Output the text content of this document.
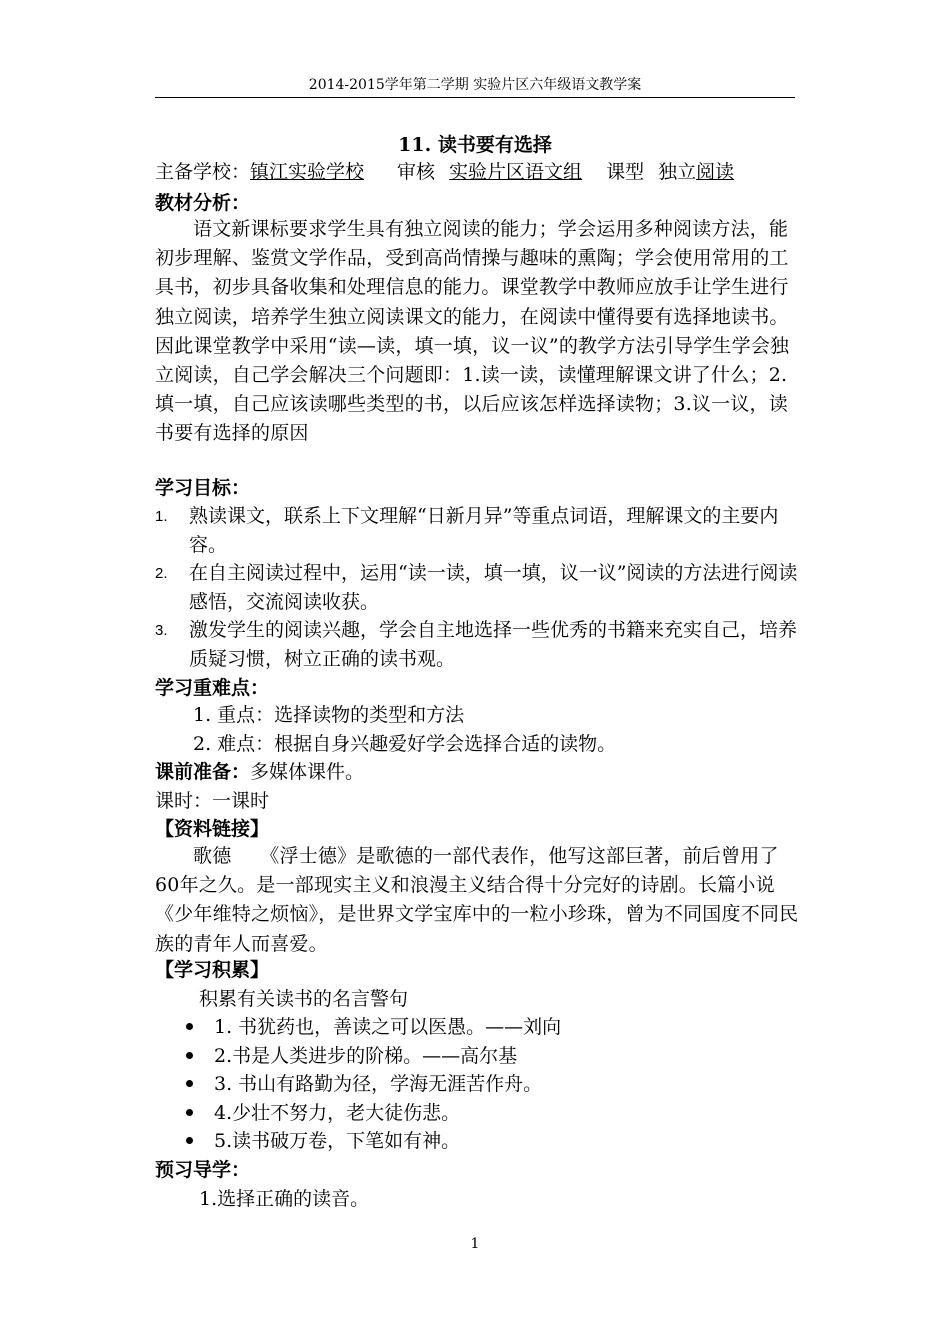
2014-2015学年第二学期 实验片区六年级语文教学案
11. 读书要有选择
主备学校：镇江实验学校 审核 实验片区语文组 课型 独立阅读
教材分析：
语文新课标要求学生具有独立阅读的能力；学会运用多种阅读方法，能初步理解、鉴赏文学作品，受到高尚情操与趣味的熏陶；学会使用常用的工具书，初步具备收集和处理信息的能力。课堂教学中教师应放手让学生进行独立阅读，培养学生独立阅读课文的能力，在阅读中懂得要有选择地读书。因此课堂教学中采用“读—读，填一填，议一议”的教学方法引导学生学会独立阅读，自己学会解决三个问题即：1.读一读，读懂理解课文讲了什么；2.填一填，自己应该读哪些类型的书，以后应该怎样选择读物；3.议一议，读书要有选择的原因
学习目标：
1.	熟读课文，联系上下文理解“日新月异”等重点词语，理解课文的主要内容。
2.	在自主阅读过程中，运用“读一读，填一填，议一议”阅读的方法进行阅读感悟，交流阅读收获。
3.	激发学生的阅读兴趣，学会自主地选择一些优秀的书籍来充实自己，培养质疑习惯，树立正确的读书观。
学习重难点：
1. 重点：选择读物的类型和方法
2. 难点：根据自身兴趣爱好学会选择合适的读物。
课前准备：多媒体课件。
课时：一课时
【资料链接】
歌德　　《浮士德》是歌德的一部代表作，他写这部巨著，前后曾用了60年之久。是一部现实主义和浪漫主义结合得十分完好的诗剧。长篇小说《少年维特之烦恼》，是世界文学宝库中的一粒小珍珠，曾为不同国度不同民族的青年人而喜爱。
【学习积累】
积累有关读书的名言警句
1. 书犹药也，善读之可以医愚。——刘向
2.书是人类进步的阶梯。——高尔基
3. 书山有路勤为径，学海无涯苦作舟。
4.少壮不努力，老大徒伤悲。
5.读书破万卷，下笔如有神。
预习导学：
1.选择正确的读音。
1
